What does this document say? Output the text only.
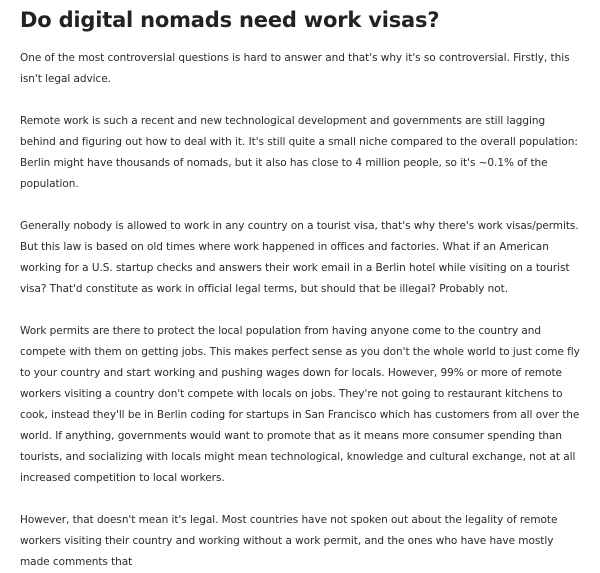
Do digital nomads need work visas?

One of the most controversial questions is hard to answer and that's why it's so controversial. Firstly, this isn't legal advice.

Remote work is such a recent and new technological development and governments are still lagging behind and figuring out how to deal with it. It's still quite a small niche compared to the overall population: Berlin might have thousands of nomads, but it also has close to 4 million people, so it's ~0.1% of the population.

Generally nobody is allowed to work in any country on a tourist visa, that's why there's work visas/permits. But this law is based on old times where work happened in offices and factories. What if an American working for a U.S. startup checks and answers their work email in a Berlin hotel while visiting on a tourist visa? That'd constitute as work in official legal terms, but should that be illegal? Probably not.

Work permits are there to protect the local population from having anyone come to the country and compete with them on getting jobs. This makes perfect sense as you don't the whole world to just come fly to your country and start working and pushing wages down for locals. However, 99% or more of remote workers visiting a country don't compete with locals on jobs. They're not going to restaurant kitchens to cook, instead they'll be in Berlin coding for startups in San Francisco which has customers from all over the world. If anything, governments would want to promote that as it means more consumer spending than tourists, and socializing with locals might mean technological, knowledge and cultural exchange, not at all increased competition to local workers.

However, that doesn't mean it's legal. Most countries have not spoken out about the legality of remote workers visiting their country and working without a work permit, and the ones who have have mostly made comments that
